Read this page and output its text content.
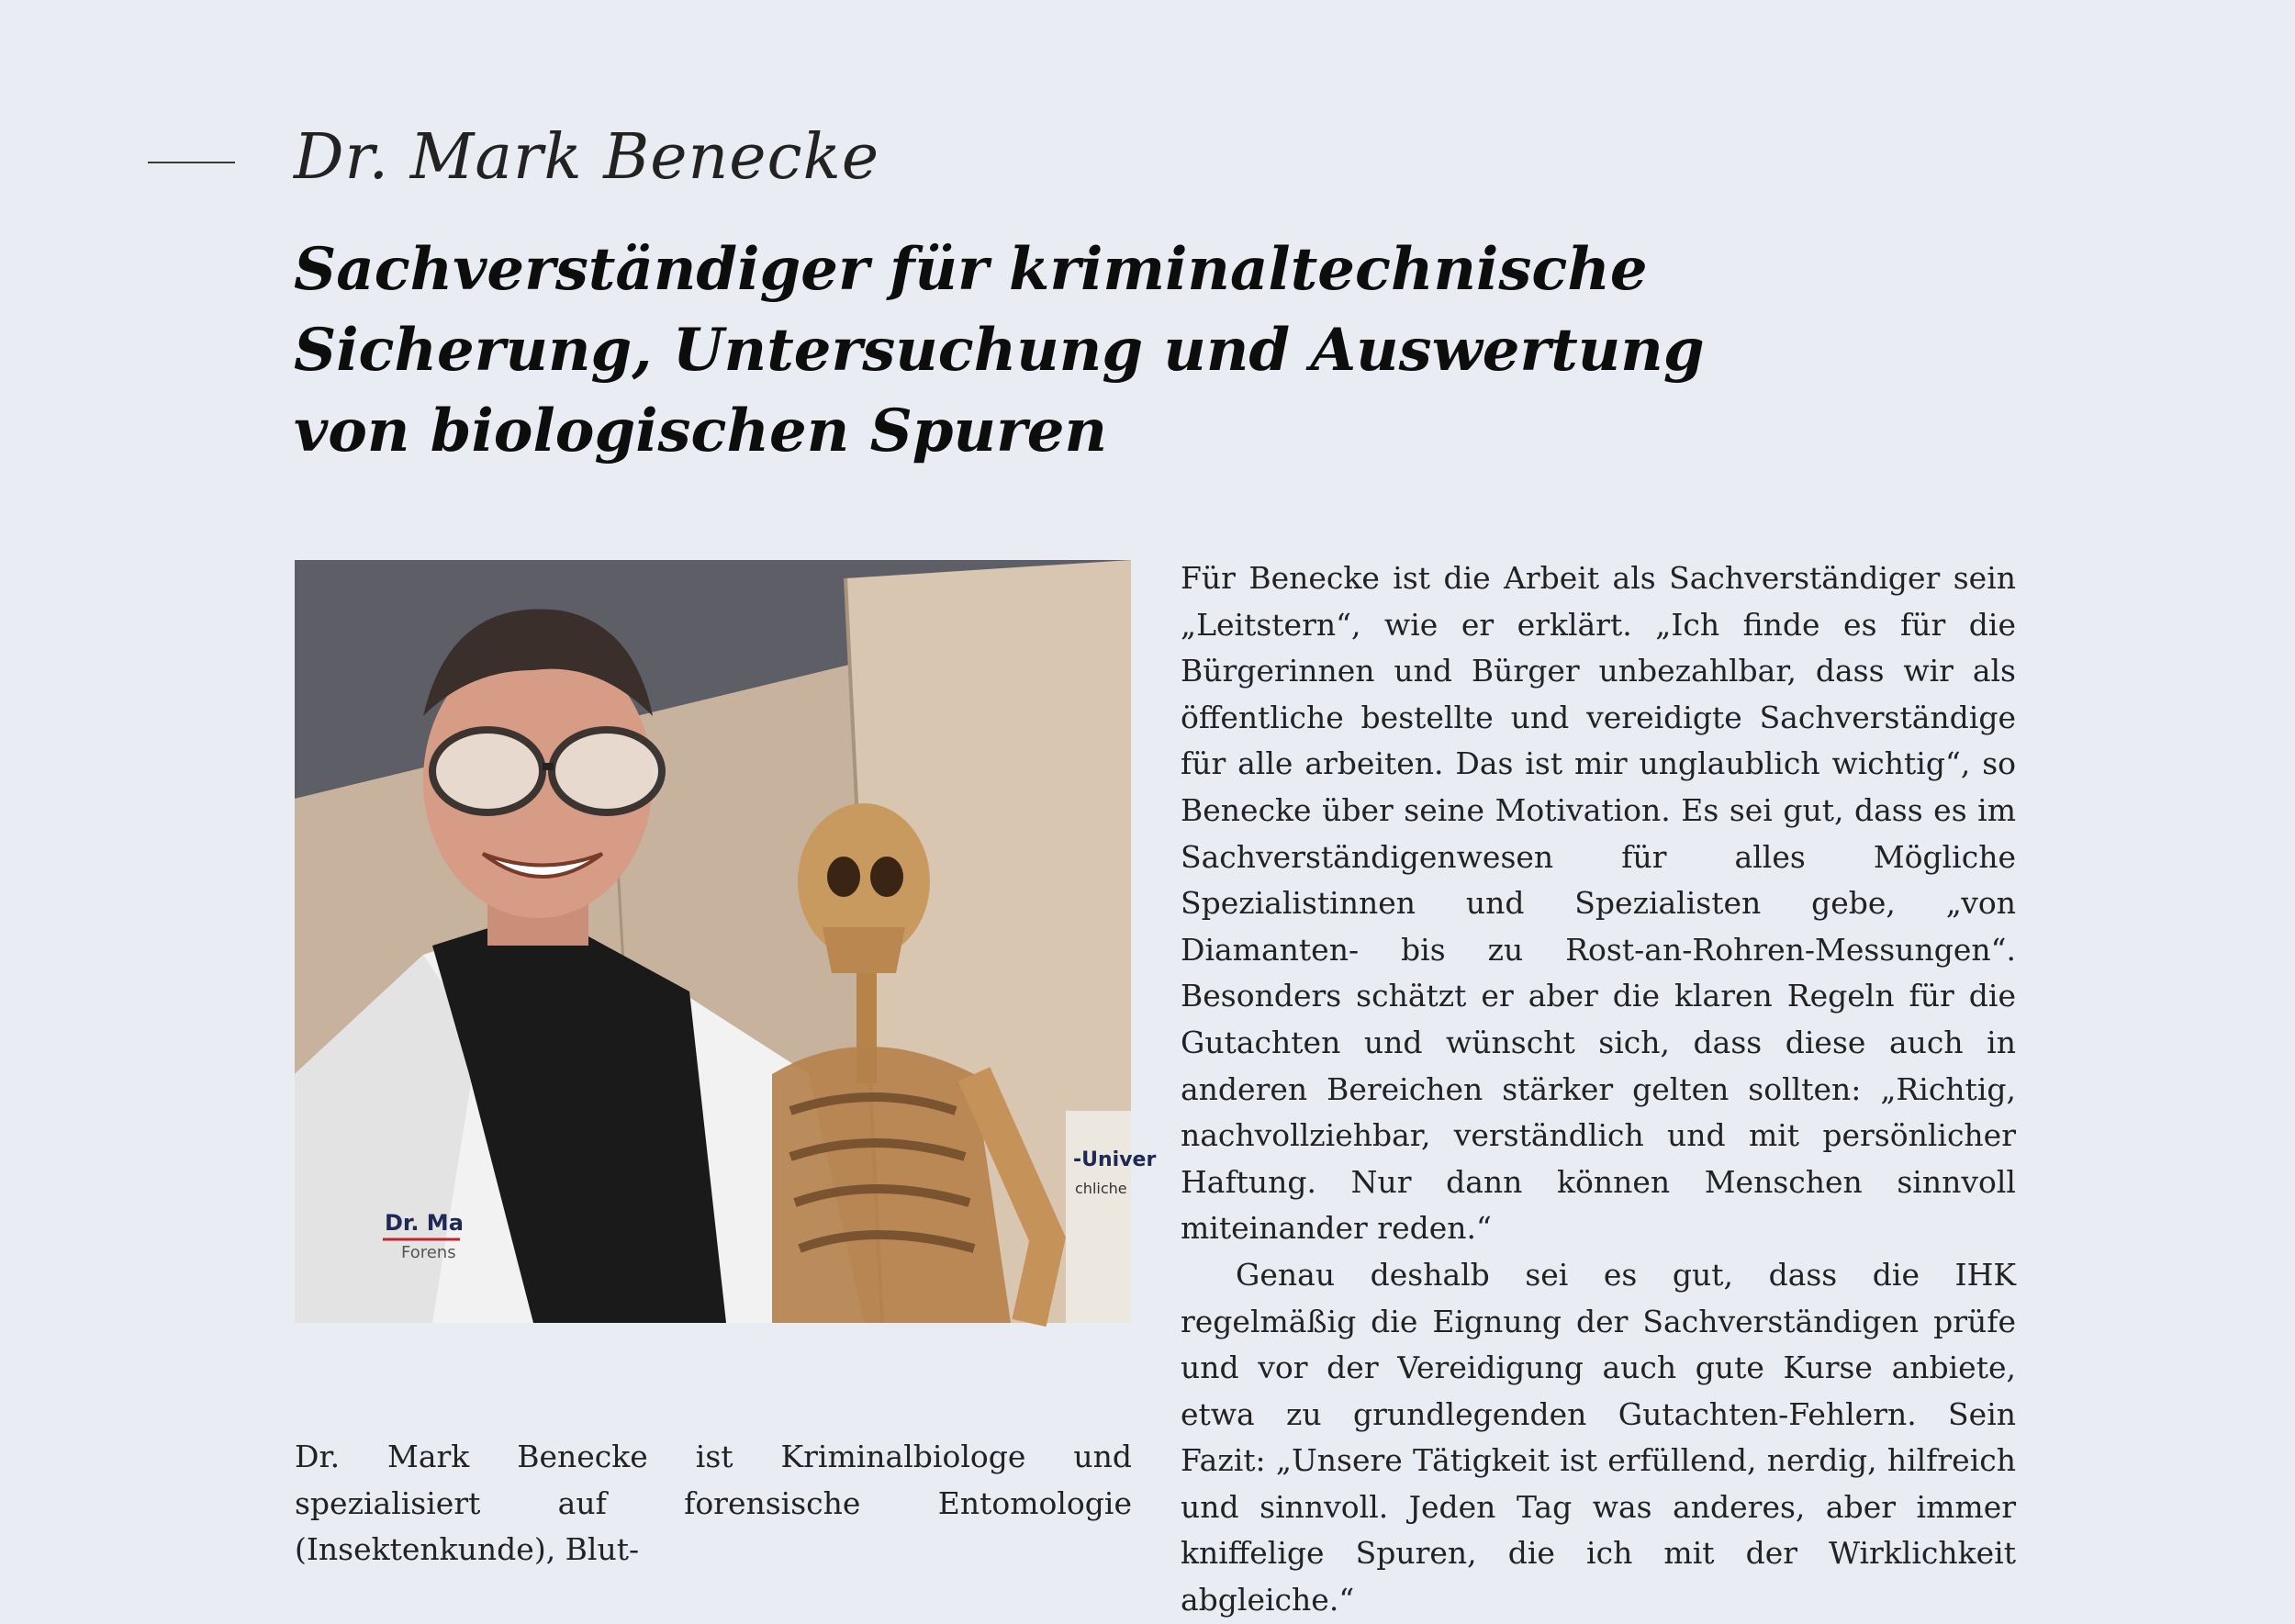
Dr. Mark Benecke
Sachverständiger für kriminaltechnische
Sicherung, Untersuchung und Auswertung
von biologischen Spuren
-Univer
chliche
Dr. Ma
Forens

Für Benecke ist die Arbeit als Sachverständiger sein „Leitstern“, wie er erklärt. „Ich finde es für die Bürgerinnen und Bürger unbezahlbar, dass wir als öffentliche bestellte und vereidigte Sachverständige für alle arbeiten. Das ist mir unglaublich wichtig“, so Benecke über seine Motivation. Es sei gut, dass es im Sachverständigenwesen für alles Mögliche Spezialistinnen und Spezialisten gebe, „von Diamanten- bis zu Rost-an-Rohren-Messungen“. Besonders schätzt er aber die klaren Regeln für die Gutachten und wünscht sich, dass diese auch in anderen Bereichen stärker gelten sollten: „Richtig, nachvollziehbar, verständlich und mit persönlicher Haftung. Nur dann können Menschen sinnvoll miteinander reden.“

Genau deshalb sei es gut, dass die IHK regelmäßig die Eignung der Sachverständigen prüfe und vor der Vereidigung auch gute Kurse anbiete, etwa zu grundlegenden Gutachten-Fehlern. Sein Fazit: „Unsere Tätigkeit ist erfüllend, nerdig, hilfreich und sinnvoll. Jeden Tag was anderes, aber immer kniffelige Spuren, die ich mit der Wirklichkeit abgleiche.“

Dr. Mark Benecke ist Kriminalbiologe und spezialisiert auf forensische Entomologie (Insektenkunde), Blut-
